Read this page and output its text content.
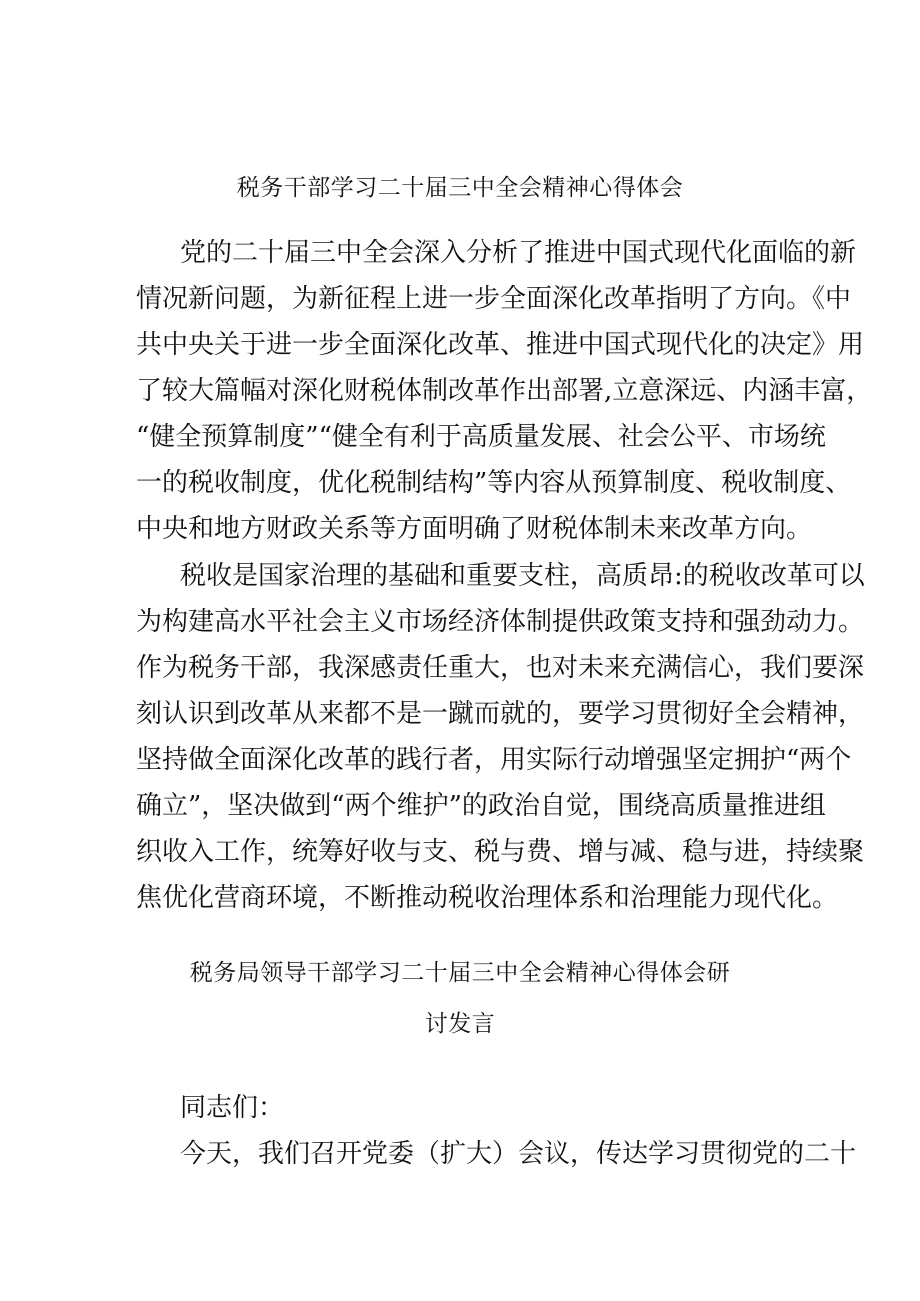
税务干部学习二十届三中全会精神心得体会
党的二十届三中全会深入分析了推进中国式现代化面临的新
情况新问题，为新征程上进一步全面深化改革指明了方向。《中
共中央关于进一步全面深化改革、推进中国式现代化的决定》用
了较大篇幅对深化财税体制改革作出部署,立意深远、内涵丰富，
“健全预算制度”“健全有利于高质量发展、社会公平、市场统
一的税收制度，优化税制结构”等内容从预算制度、税收制度、
中央和地方财政关系等方面明确了财税体制未来改革方向。
税收是国家治理的基础和重要支柱，高质昂:的税收改革可以
为构建高水平社会主义市场经济体制提供政策支持和强劲动力。
作为税务干部，我深感责任重大，也对未来充满信心，我们要深
刻认识到改革从来都不是一蹴而就的，要学习贯彻好全会精神，
坚持做全面深化改革的践行者，用实际行动增强坚定拥护“两个
确立”，坚决做到“两个维护”的政治自觉，围绕高质量推进组
织收入工作，统筹好收与支、税与费、增与减、稳与进，持续聚
焦优化营商环境，不断推动税收治理体系和治理能力现代化。
税务局领导干部学习二十届三中全会精神心得体会研
讨发言
同志们：
今天，我们召开党委（扩大）会议，传达学习贯彻党的二十
